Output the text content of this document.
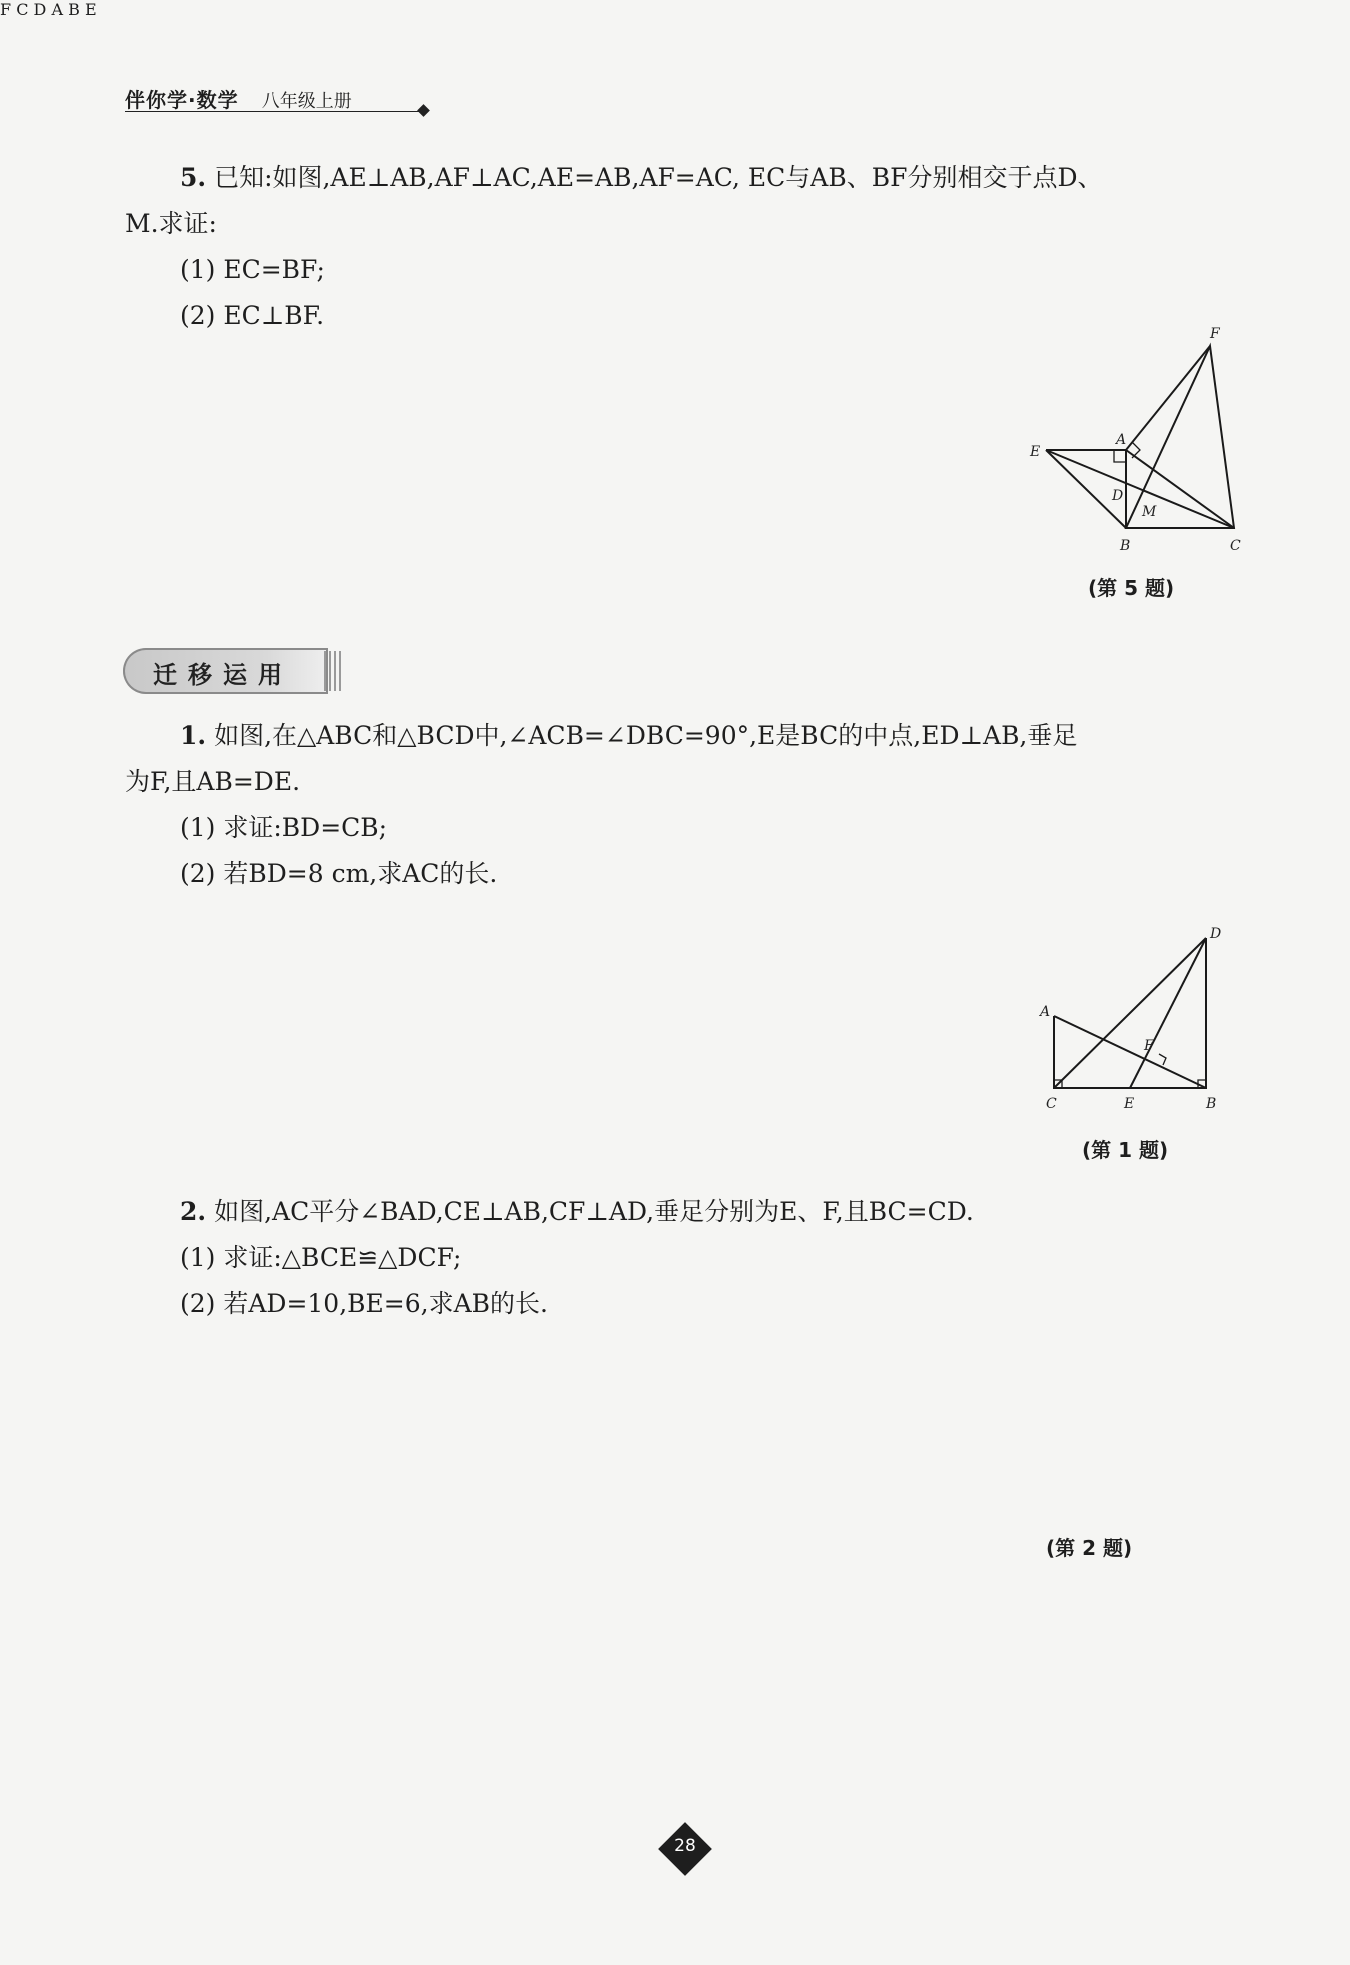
伴你学·数学 八年级上册
5. 已知:如图,AE⊥AB,AF⊥AC,AE=AB,AF=AC, EC与AB、BF分别相交于点D、
M.求证:
(1) EC=BF;
(2) EC⊥BF.
F
A
E
D
M
B	C
(第 5 题)
迁移运用
1. 如图,在△ABC和△BCD中,∠ACB=∠DBC=90°,E是BC的中点,ED⊥AB,垂足
为F,且AB=DE.
(1) 求证:BD=CB;
(2) 若BD=8 cm,求AC的长.
D
A
F
C	E	B
(第 1 题)
2. 如图,AC平分∠BAD,CE⊥AB,CF⊥AD,垂足分别为E、F,且BC=CD.
(1) 求证:△BCE≌△DCF;
(2) 若AD=10,BE=6,求AB的长.
F C D A B E
(第 2 题)
28
